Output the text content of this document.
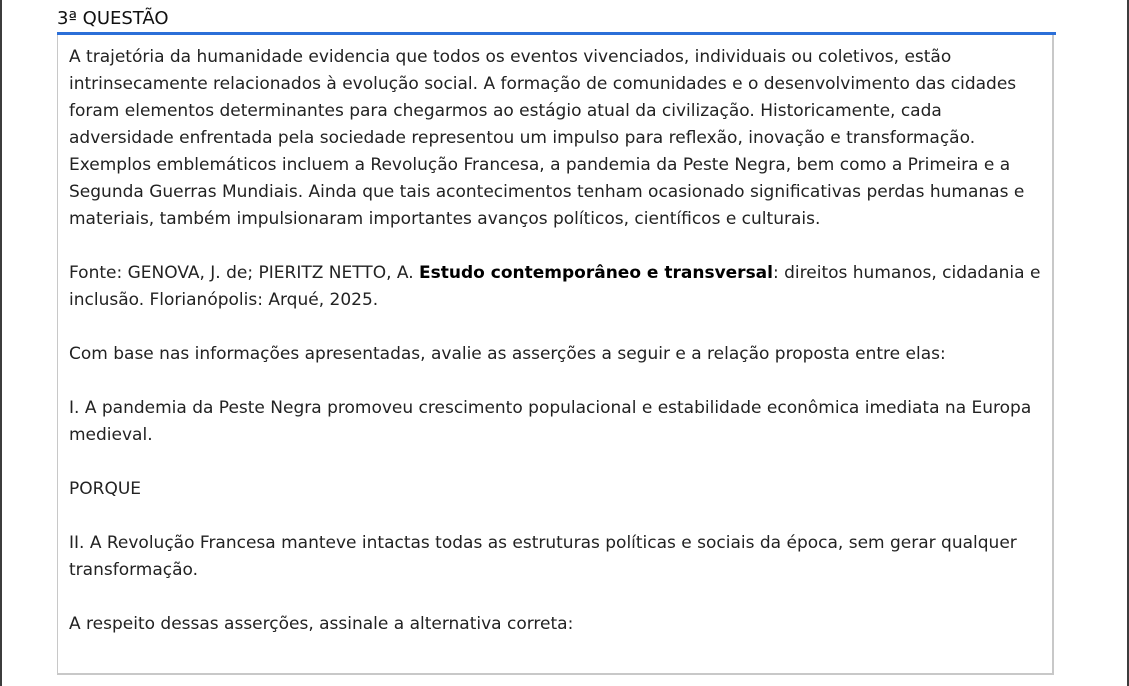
3ª QUESTÃO

A trajetória da humanidade evidencia que todos os eventos vivenciados, individuais ou coletivos, estão intrinsecamente relacionados à evolução social. A formação de comunidades e o desenvolvimento das cidades foram elementos determinantes para chegarmos ao estágio atual da civilização. Historicamente, cada adversidade enfrentada pela sociedade representou um impulso para reflexão, inovação e transformação. Exemplos emblemáticos incluem a Revolução Francesa, a pandemia da Peste Negra, bem como a Primeira e a Segunda Guerras Mundiais. Ainda que tais acontecimentos tenham ocasionado significativas perdas humanas e materiais, também impulsionaram importantes avanços políticos, científicos e culturais.

Fonte: GENOVA, J. de; PIERITZ NETTO, A. Estudo contemporâneo e transversal: direitos humanos, cidadania e inclusão. Florianópolis: Arqué, 2025.

Com base nas informações apresentadas, avalie as asserções a seguir e a relação proposta entre elas:

I. A pandemia da Peste Negra promoveu crescimento populacional e estabilidade econômica imediata na Europa medieval.

PORQUE

II. A Revolução Francesa manteve intactas todas as estruturas políticas e sociais da época, sem gerar qualquer transformação.

A respeito dessas asserções, assinale a alternativa correta:
